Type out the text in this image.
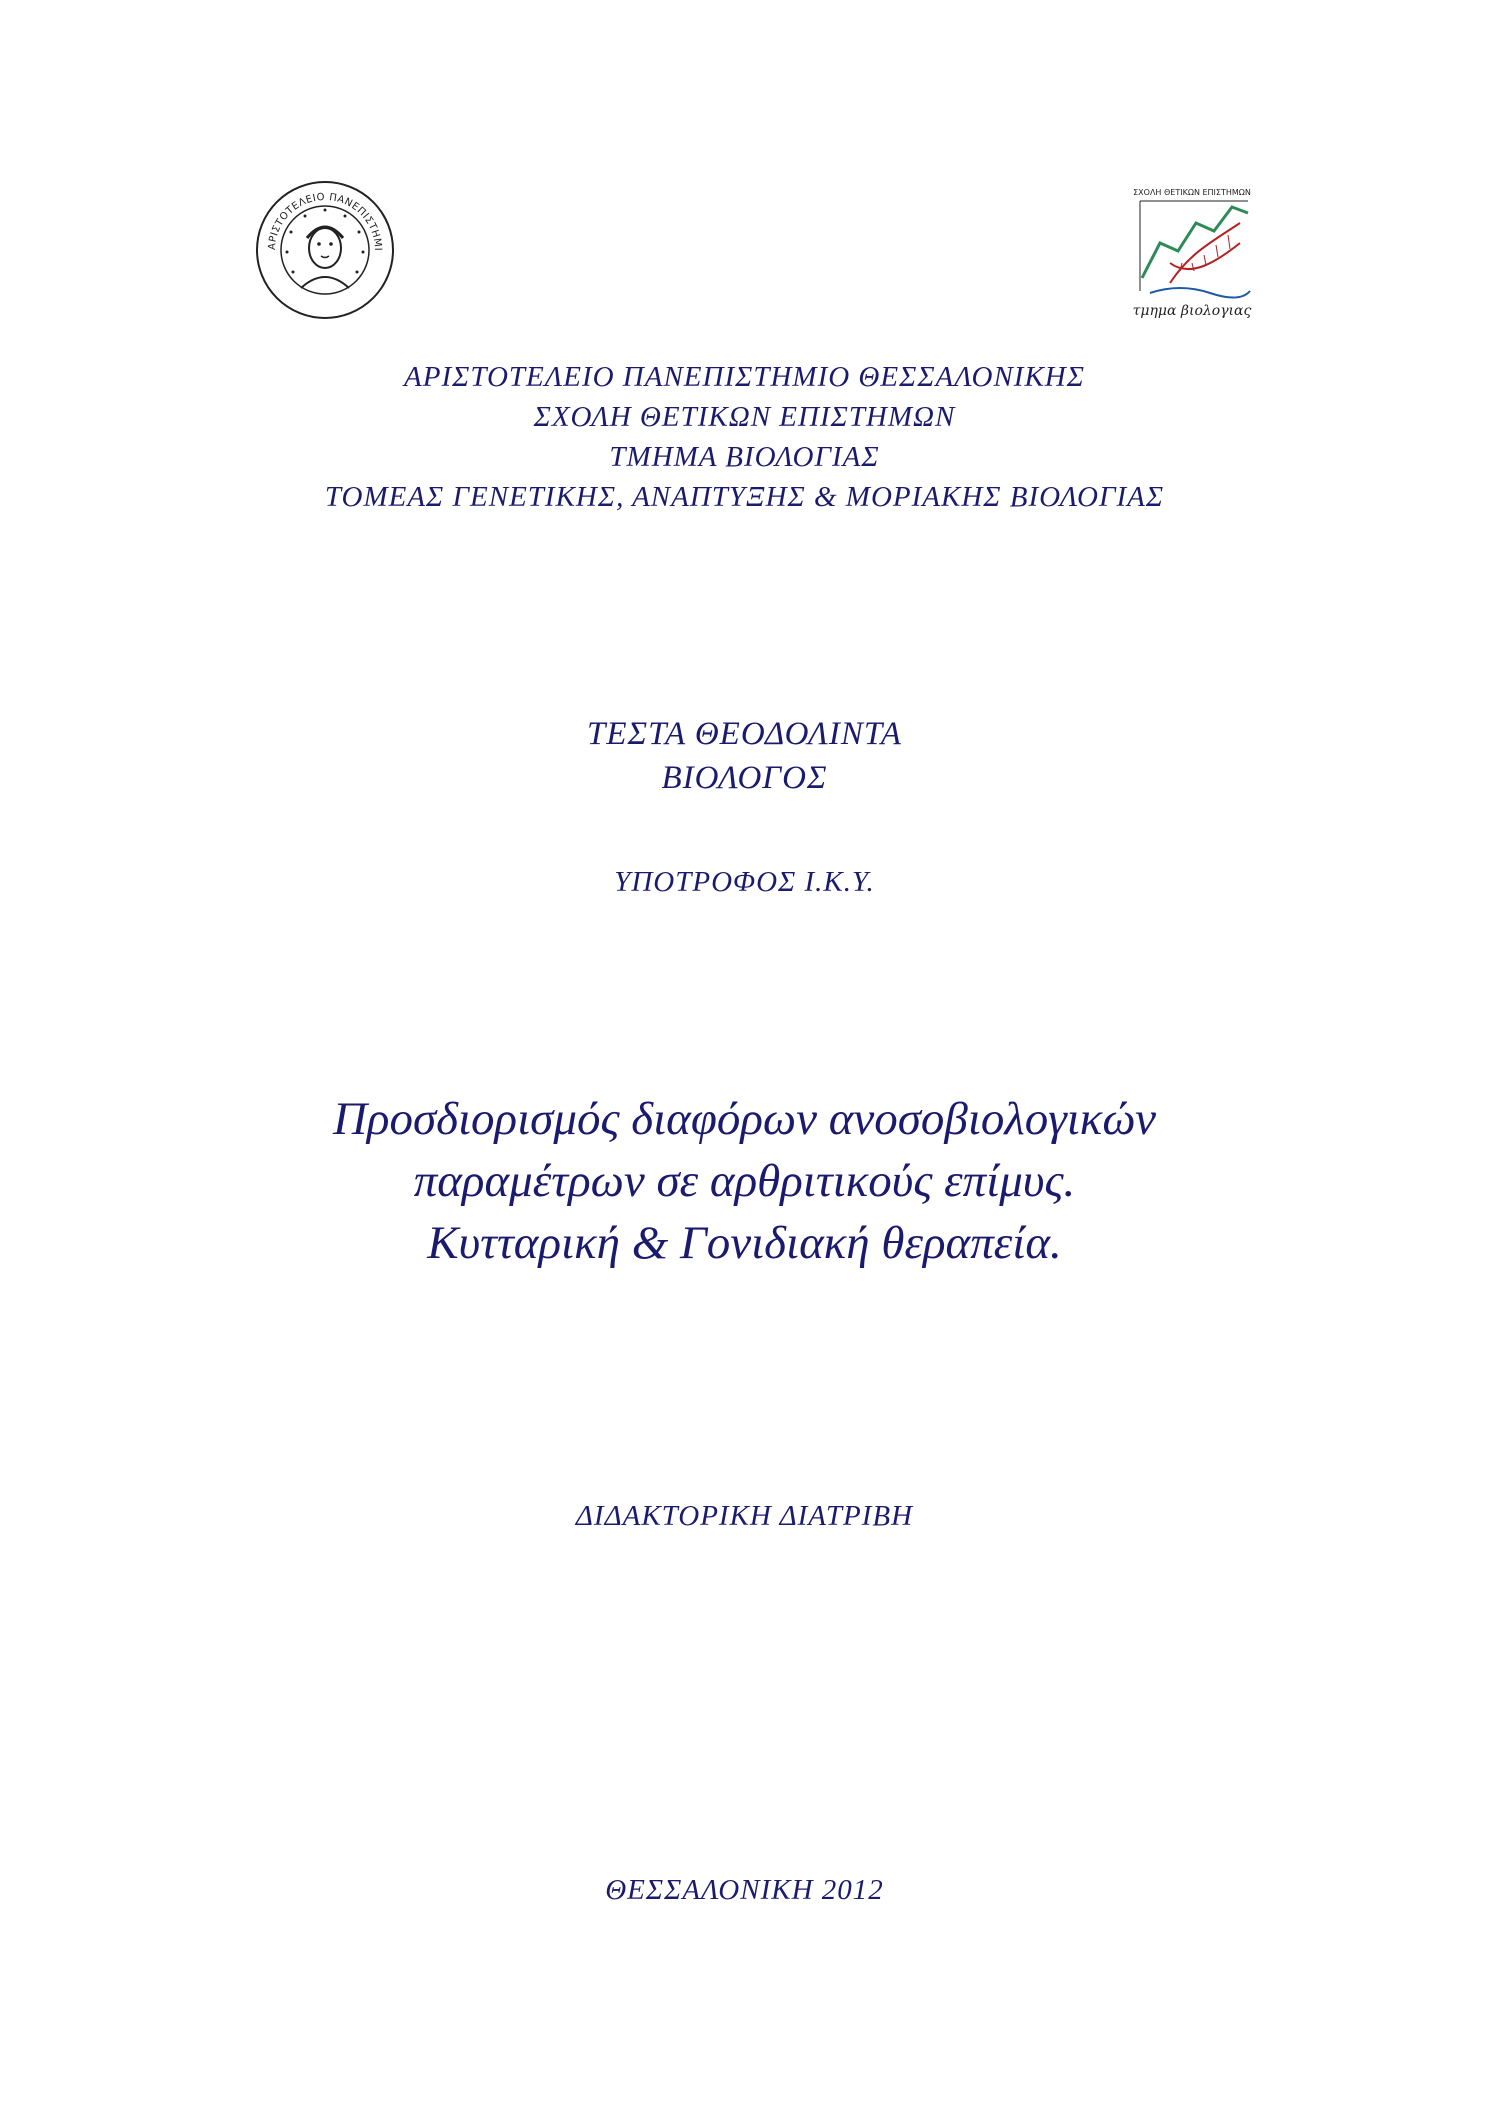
ΑΡΙΣΤΟΤΕΛΕΙΟ ΠΑΝΕΠΙΣΤΗΜΙ
ΣΧΟΛΗ ΘΕΤΙΚΩΝ ΕΠΙΣΤΗΜΩΝ
τμημα βιολογιας
ΑΡΙΣΤΟΤΕΛΕΙΟ ΠΑΝΕΠΙΣΤΗΜΙΟ ΘΕΣΣΑΛΟΝΙΚΗΣ
ΣΧΟΛΗ ΘΕΤΙΚΩΝ ΕΠΙΣΤΗΜΩΝ
ΤΜΗΜΑ ΒΙΟΛΟΓΙΑΣ
ΤΟΜΕΑΣ ΓΕΝΕΤΙΚΗΣ, ΑΝΑΠΤΥΞΗΣ & ΜΟΡΙΑΚΗΣ ΒΙΟΛΟΓΙΑΣ
ΤΕΣΤΑ ΘΕΟΔΟΛΙΝΤΑ
ΒΙΟΛΟΓΟΣ
ΥΠΟΤΡΟΦΟΣ Ι.Κ.Υ.
Προσδιορισμός διαφόρων ανοσοβιολογικών
παραμέτρων σε αρθριτικούς επίμυς.
Κυτταρική & Γονιδιακή θεραπεία.
ΔΙΔΑΚΤΟΡΙΚΗ ΔΙΑΤΡΙΒΗ
ΘΕΣΣΑΛΟΝΙΚΗ 2012
